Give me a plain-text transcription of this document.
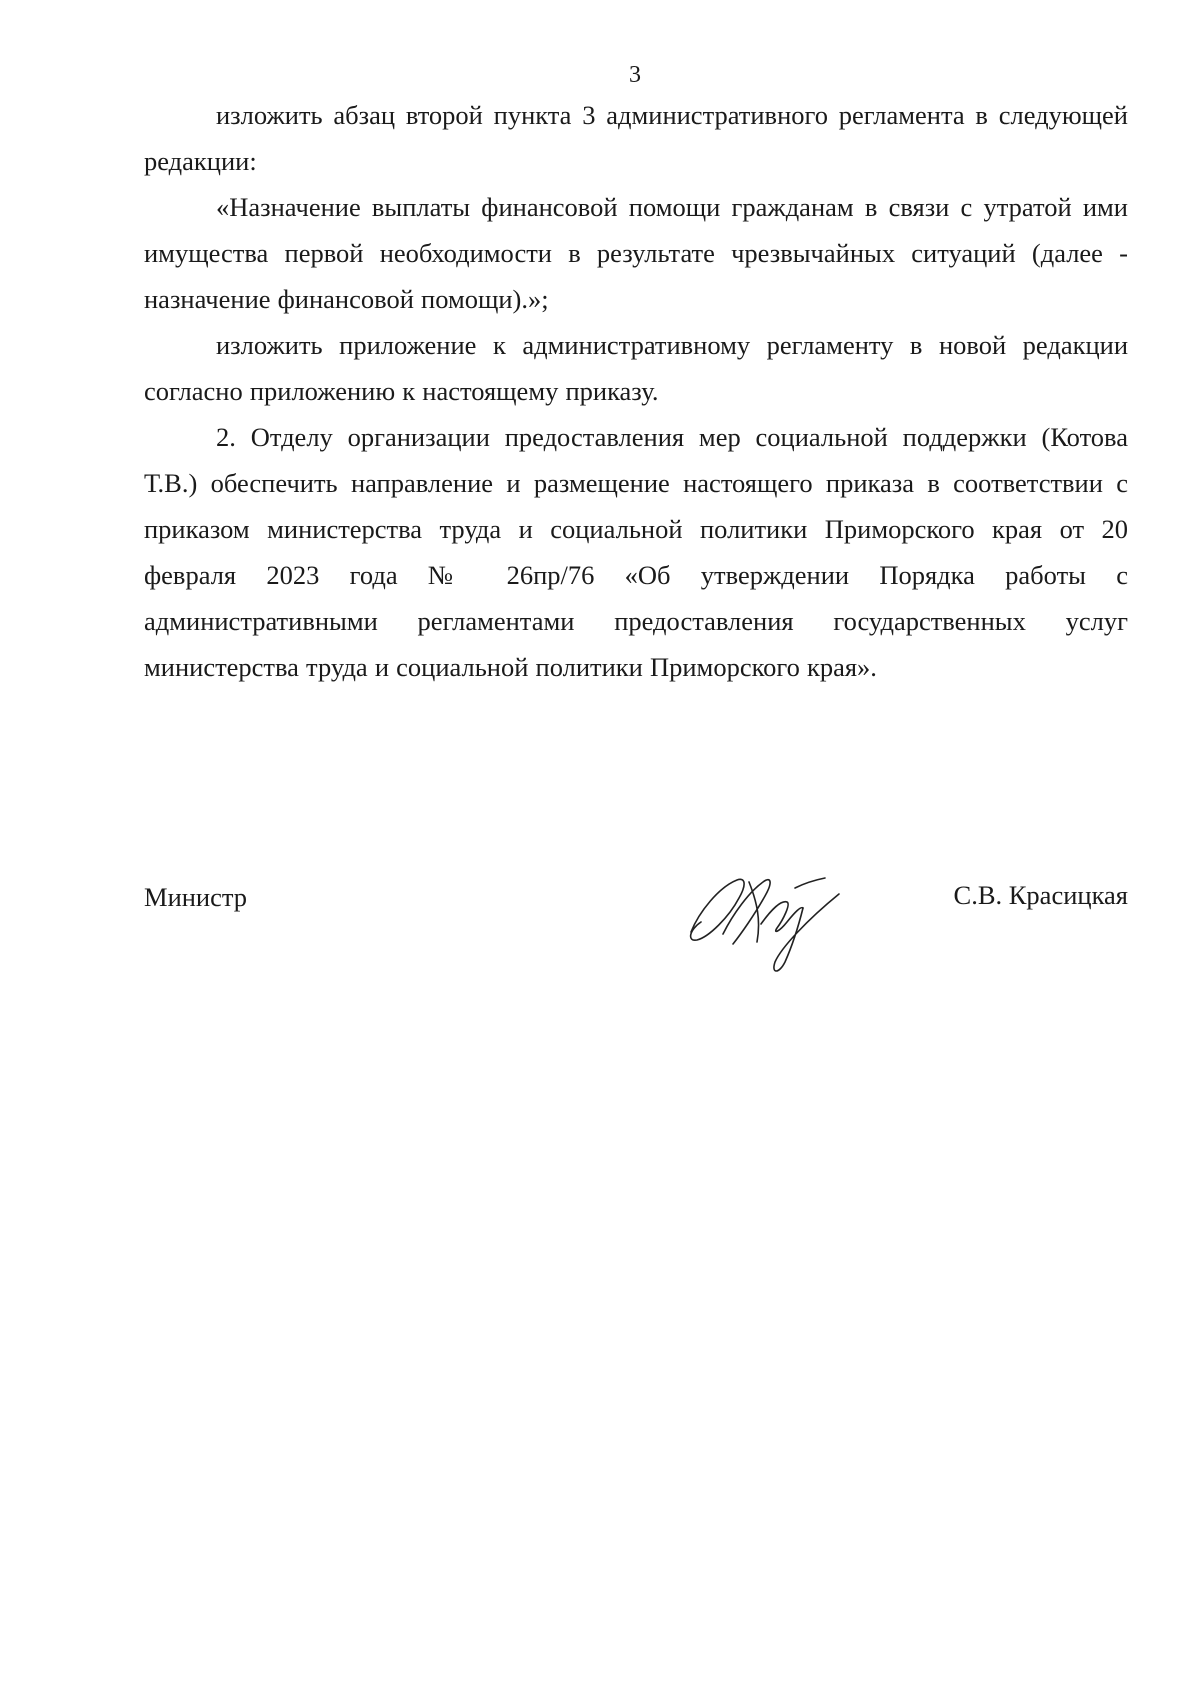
3

изложить абзац второй пункта 3 административного регламента в следующей редакции:

«Назначение выплаты финансовой помощи гражданам в связи с утратой ими имущества первой необходимости в результате чрезвычайных ситуаций (далее - назначение финансовой помощи).»;

изложить приложение к административному регламенту в новой редакции согласно приложению к настоящему приказу.

2. Отделу организации предоставления мер социальной поддержки (Котова Т.В.) обеспечить направление и размещение настоящего приказа в соответствии с приказом министерства труда и социальной политики Приморского края от 20 февраля 2023 года № 26пр/76 «Об утверждении Порядка работы с административными регламентами предоставления государственных услуг министерства труда и социальной политики Приморского края».

Министр	С.В. Красицкая
